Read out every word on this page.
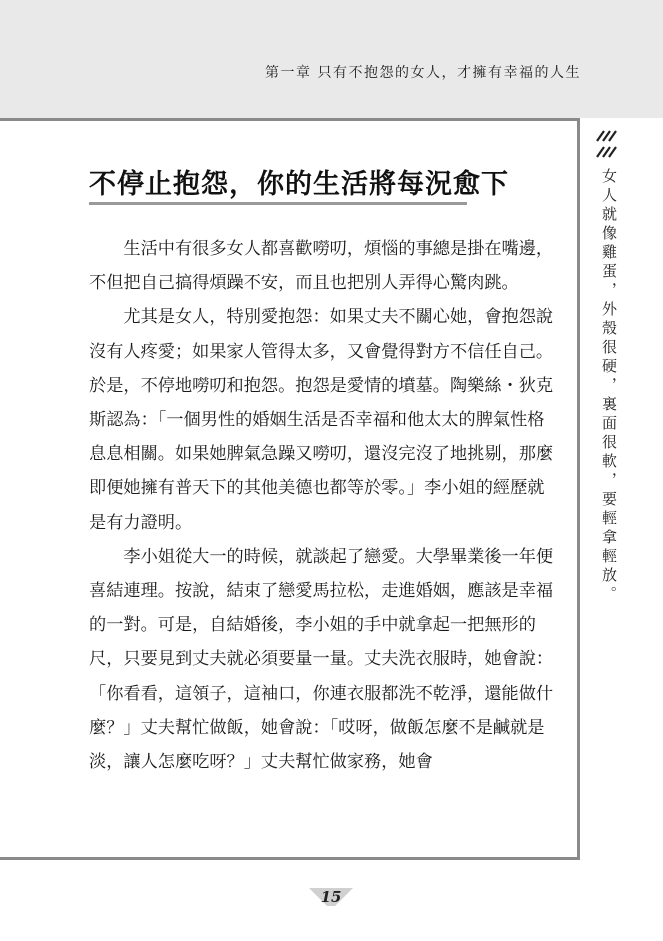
第一章 只有不抱怨的女人，才擁有幸福的人生
女人就像雞蛋，外殼很硬，裏面很軟，要輕拿輕放。
不停止抱怨，你的生活將每況愈下

生活中有很多女人都喜歡嘮叨，煩惱的事總是掛在嘴邊，不但把自己搞得煩躁不安，而且也把別人弄得心驚肉跳。

尤其是女人，特別愛抱怨：如果丈夫不關心她，會抱怨說沒有人疼愛；如果家人管得太多，又會覺得對方不信任自己。於是，不停地嘮叨和抱怨。抱怨是愛情的墳墓。陶樂絲・狄克斯認為：「一個男性的婚姻生活是否幸福和他太太的脾氣性格息息相關。如果她脾氣急躁又嘮叨，還沒完沒了地挑剔，那麼即便她擁有普天下的其他美德也都等於零。」李小姐的經歷就是有力證明。

李小姐從大一的時候，就談起了戀愛。大學畢業後一年便喜結連理。按說，結束了戀愛馬拉松，走進婚姻，應該是幸福的一對。可是，自結婚後，李小姐的手中就拿起一把無形的尺，只要見到丈夫就必須要量一量。丈夫洗衣服時，她會說：「你看看，這領子，這袖口，你連衣服都洗不乾淨，還能做什麼？」丈夫幫忙做飯，她會說：「哎呀，做飯怎麼不是鹹就是淡，讓人怎麼吃呀？」丈夫幫忙做家務，她會

15
